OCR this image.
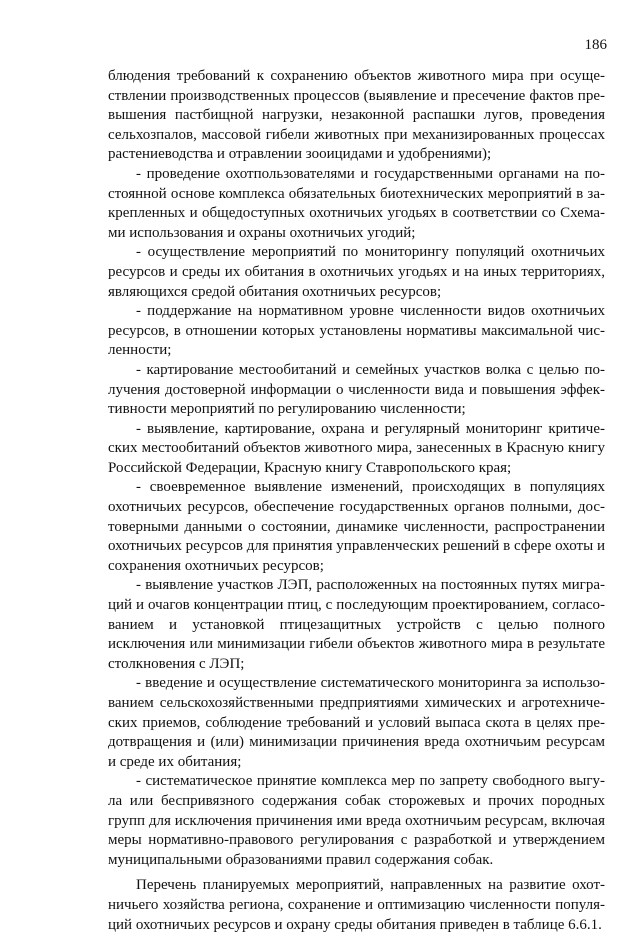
186

блюдения требований к сохранению объектов животного мира при осуществлении производственных процессов (выявление и пресечение фактов превышения пастбищной нагрузки, незаконной распашки лугов, проведения сельхозпалов, массовой гибели животных при механизированных процессах растениеводства и отравлении зооицидами и удобрениями);

- проведение охотпользователями и государственными органами на постоянной основе комплекса обязательных биотехнических мероприятий в закрепленных и общедоступных охотничьих угодьях в соответствии со Схемами использования и охраны охотничьих угодий;

- осуществление мероприятий по мониторингу популяций охотничьих ресурсов и среды их обитания в охотничьих угодьях и на иных территориях, являющихся средой обитания охотничьих ресурсов;

- поддержание на нормативном уровне численности видов охотничьих ресурсов, в отношении которых установлены нормативы максимальной численности;

- картирование местообитаний и семейных участков волка с целью получения достоверной информации о численности вида и повышения эффективности мероприятий по регулированию численности;

- выявление, картирование, охрана и регулярный мониторинг критических местообитаний объектов животного мира, занесенных в Красную книгу Российской Федерации, Красную книгу Ставропольского края;

- своевременное выявление изменений, происходящих в популяциях охотничьих ресурсов, обеспечение государственных органов полными, достоверными данными о состоянии, динамике численности, распространении охотничьих ресурсов для принятия управленческих решений в сфере охоты и сохранения охотничьих ресурсов;

- выявление участков ЛЭП, расположенных на постоянных путях миграций и очагов концентрации птиц, с последующим проектированием, согласованием и установкой птицезащитных устройств с целью полного исключения или минимизации гибели объектов животного мира в результате столкновения с ЛЭП;

- введение и осуществление систематического мониторинга за использованием сельскохозяйственными предприятиями химических и агротехнических приемов, соблюдение требований и условий выпаса скота в целях предотвращения и (или) минимизации причинения вреда охотничьим ресурсам и среде их обитания;

- систематическое принятие комплекса мер по запрету свободного выгула или беспривязного содержания собак сторожевых и прочих породных групп для исключения причинения ими вреда охотничьим ресурсам, включая меры нормативно-правового регулирования с разработкой и утверждением муниципальными образованиями правил содержания собак.

Перечень планируемых мероприятий, направленных на развитие охотничьего хозяйства региона, сохранение и оптимизацию численности популяций охотничьих ресурсов и охрану среды обитания приведен в таблице 6.6.1.
